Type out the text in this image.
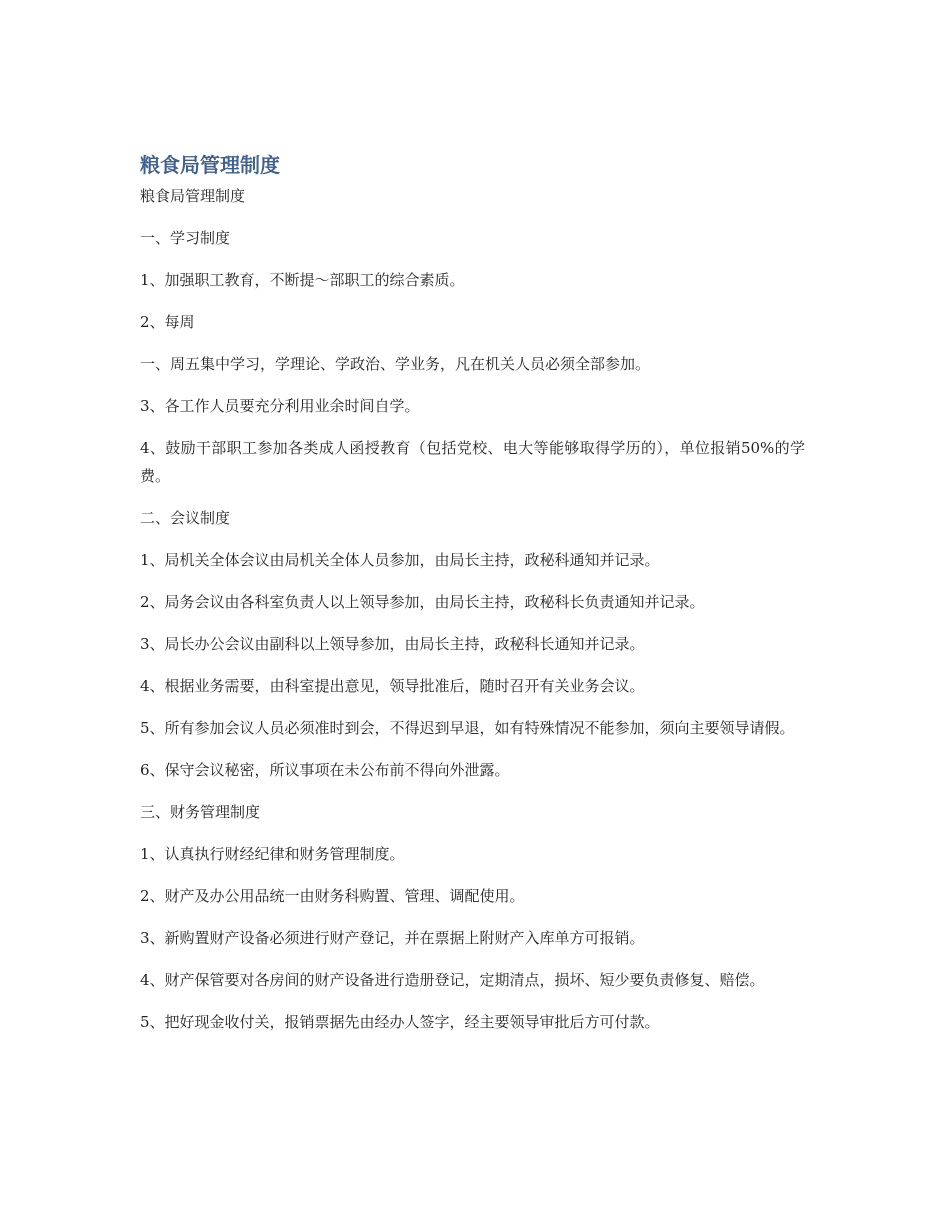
粮食局管理制度

粮食局管理制度

一、学习制度

1、加强职工教育，不断提～部职工的综合素质。

2、每周

一、周五集中学习，学理论、学政治、学业务，凡在机关人员必须全部参加。

3、各工作人员要充分利用业余时间自学。

4、鼓励干部职工参加各类成人函授教育（包括党校、电大等能够取得学历的），单位报销50%的学费。

二、会议制度

1、局机关全体会议由局机关全体人员参加，由局长主持，政秘科通知并记录。

2、局务会议由各科室负责人以上领导参加，由局长主持，政秘科长负责通知并记录。

3、局长办公会议由副科以上领导参加，由局长主持，政秘科长通知并记录。

4、根据业务需要，由科室提出意见，领导批准后，随时召开有关业务会议。

5、所有参加会议人员必须准时到会，不得迟到早退，如有特殊情况不能参加，须向主要领导请假。

6、保守会议秘密，所议事项在未公布前不得向外泄露。

三、财务管理制度

1、认真执行财经纪律和财务管理制度。

2、财产及办公用品统一由财务科购置、管理、调配使用。

3、新购置财产设备必须进行财产登记，并在票据上附财产入库单方可报销。

4、财产保管要对各房间的财产设备进行造册登记，定期清点，损坏、短少要负责修复、赔偿。

5、把好现金收付关，报销票据先由经办人签字，经主要领导审批后方可付款。
